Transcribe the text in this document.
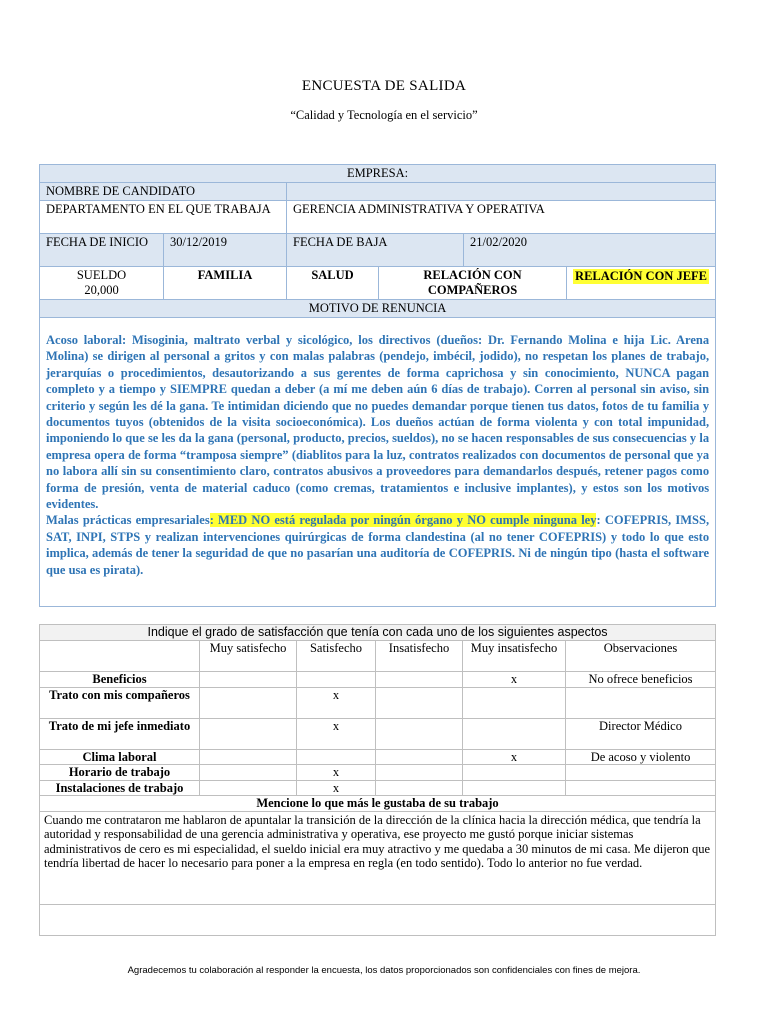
ENCUESTA DE SALIDA
“Calidad y Tecnología en el servicio”
EMPRESA:					
NOMBRE DE CANDIDATO					
DEPARTAMENTO EN EL QUE TRABAJA		GERENCIA ADMINISTRATIVA Y OPERATIVA			
FECHA DE INICIO	30/12/2019	FECHA DE BAJA		21/02/2020	

SUELDO
20,000	FAMILIA	SALUD	RELACIÓN CON COMPAÑEROS		RELACIÓN CON JEFE
MOTIVO DE RENUNCIA					

Acoso laboral: Misoginia, maltrato verbal y sicológico, los directivos (dueños: Dr. Fernando Molina e hija Lic. Arena Molina) se dirigen al personal a gritos y con malas palabras (pendejo, imbécil, jodido), no respetan los planes de trabajo, jerarquías o procedimientos, desautorizando a sus gerentes de forma caprichosa y sin conocimiento, NUNCA pagan completo y a tiempo y SIEMPRE quedan a deber (a mí me deben aún 6 días de trabajo). Corren al personal sin aviso, sin criterio y según les dé la gana. Te intimidan diciendo que no puedes demandar porque tienen tus datos, fotos de tu familia y documentos tuyos (obtenidos de la visita socioeconómica). Los dueños actúan de forma violenta y con total impunidad, imponiendo lo que se les da la gana (personal, producto, precios, sueldos), no se hacen responsables de sus consecuencias y la empresa opera de forma “tramposa siempre” (diablitos para la luz, contratos realizados con documentos de personal que ya no labora allí sin su consentimiento claro, contratos abusivos a proveedores para demandarlos después, retener pagos como forma de presión, venta de material caduco (como cremas, tratamientos e inclusive implantes), y estos son los motivos evidentes.
Malas prácticas empresariales: MED NO está regulada por ningún órgano y NO cumple ninguna ley: COFEPRIS, IMSS, SAT, INPI, STPS y realizan intervenciones quirúrgicas de forma clandestina (al no tener COFEPRIS) y todo lo que esto implica, además de tener la seguridad de que no pasarían una auditoría de COFEPRIS. Ni de ningún tipo (hasta el software que usa es pirata).					
Indique el grado de satisfacción que tenía con cada uno de los siguientes aspectos					
	Muy satisfecho	Satisfecho	Insatisfecho	Muy insatisfecho	Observaciones
Beneficios				x	No ofrece beneficios
Trato con mis compañeros		x			
Trato de mi jefe inmediato		x			Director Médico
Clima laboral				x	De acoso y violento
Horario de trabajo		x			
Instalaciones de trabajo		x			
Mencione lo que más le gustaba de su trabajo					
Cuando me contrataron me hablaron de apuntalar la transición de la dirección de la clínica hacia la dirección médica, que tendría la autoridad y responsabilidad de una gerencia administrativa y operativa, ese proyecto me gustó porque iniciar sistemas administrativos de cero es mi especialidad, el sueldo inicial era muy atractivo y me quedaba a 30 minutos de mi casa. Me dijeron que tendría libertad de hacer lo necesario para poner a la empresa en regla (en todo sentido). Todo lo anterior no fue verdad.					

Agradecemos tu colaboración al responder la encuesta, los datos proporcionados son confidenciales con fines de mejora.
